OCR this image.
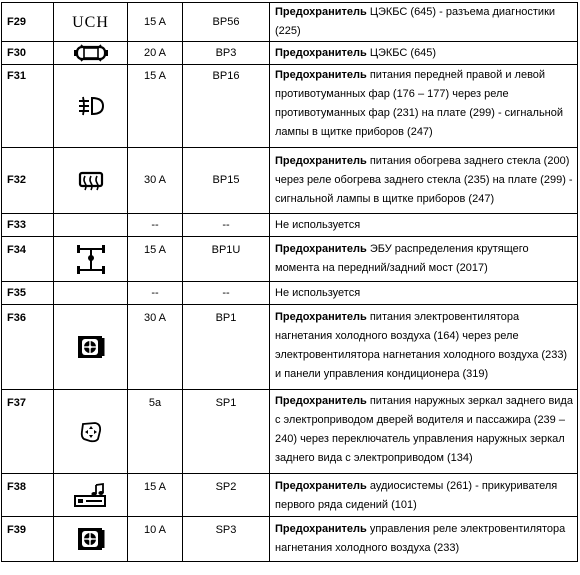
F29	UCH	15 A	BP56	Предохранитель ЦЭКБС (645) - разъема диагностики (225)
F30		20 A	BP3	Предохранитель ЦЭКБС (645)
F31		15 A	BP16	Предохранитель питания передней правой и левой противотуманных фар (176 – 177) через реле противотуманных фар (231) на плате (299) - сигнальной лампы в щитке приборов (247)
F32		30 A	BP15	Предохранитель питания обогрева заднего стекла (200) через реле обогрева заднего стекла (235) на плате (299) - сигнальной лампы в щитке приборов (247)
F33		--	--	Не используется
F34		15 A	BP1U	Предохранитель ЭБУ распределения крутящего момента на передний/задний мост (2017)
F35		--	--	Не используется
F36		30 A	BP1	Предохранитель питания электровентилятора нагнетания холодного воздуха (164) через реле электровентилятора нагнетания холодного воздуха (233) и панели управления кондиционера (319)
F37		5a	SP1	Предохранитель питания наружных зеркал заднего вида с электроприводом дверей водителя и пассажира (239 – 240) через переключатель управления наружных зеркал заднего вида с электроприводом (134)
F38		15 A	SP2	Предохранитель аудиосистемы (261) - прикуривателя первого ряда сидений (101)
F39		10 A	SP3	Предохранитель управления реле электровентилятора нагнетания холодного воздуха (233)
